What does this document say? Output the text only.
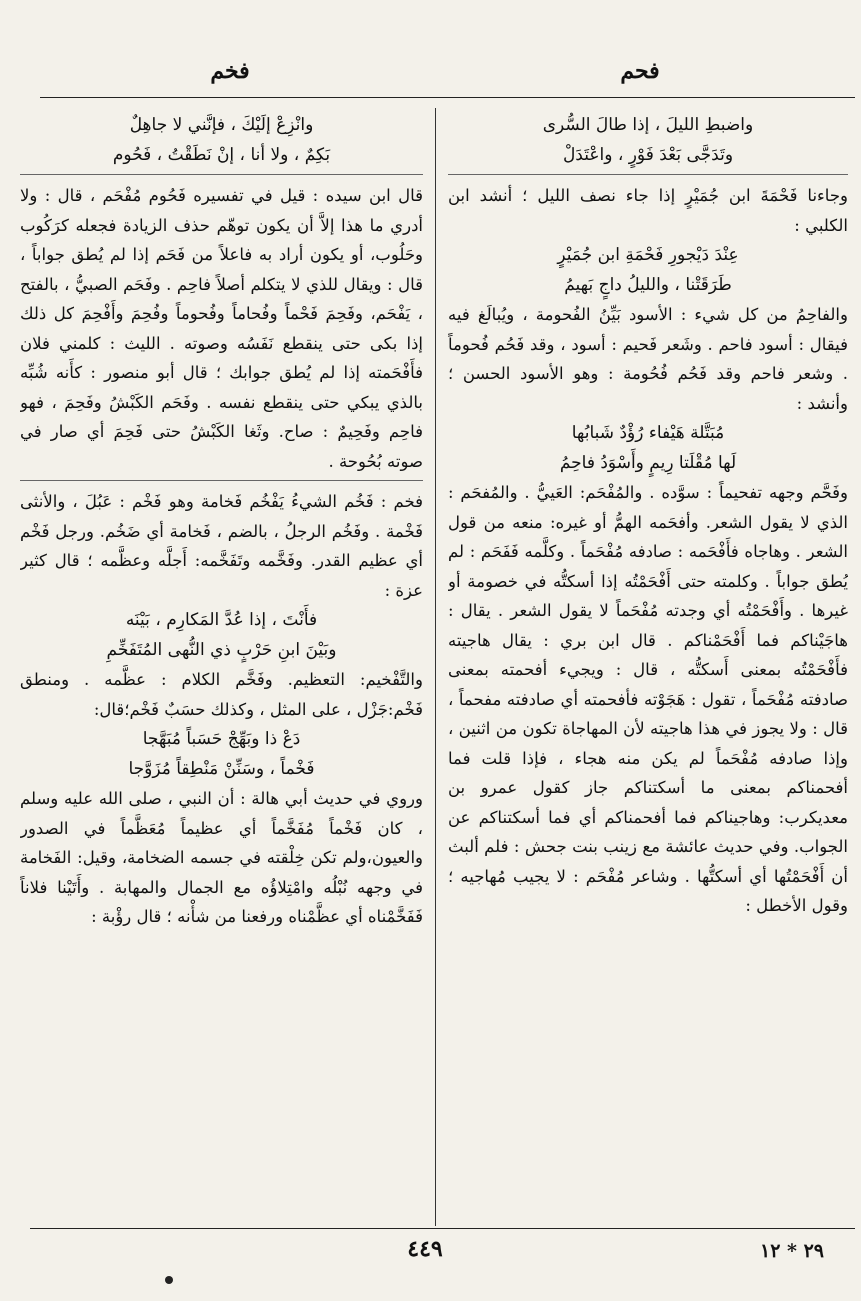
فحم
فخم
واضبطِ الليلَ ، إذا طالَ السُّرى
وتَدَجَّى بَعْدَ فَوْرٍ ، واعْتَدَلْ

وجاءنا فَحْمَةَ ابن جُمَيْرٍ إذا جاء نصف الليل ؛ أنشد ابن الكلبي :

عِنْدَ دَيْجورِ فَحْمَةِ ابن جُمَيْرٍ
طَرَقَتْنا ، والليلُ داجٍ بَهيمُ

والفاحِمُ من كل شيء : الأسود بَيِّنُ الفُحومة ، ويُبالَغ فيه فيقال : أسود فاحم . وشَعر فَحيم : أسود ، وقد فَحُم فُحوماً . وشعر فاحم وقد فَحُم فُحُومة : وهو الأسود الحسن ؛ وأنشد :

مُبَتَّلة هَيْفاء رُؤْدٌ شَبابُها
لَها مُقْلَتا رِيمٍ وأَسْوَدُ فاحِمُ

وفَحَّم وجهه تفحيماً : سوَّده . والمُفْحَم: العَييُّ . والمُفحَم : الذي لا يقول الشعر. وأفحَمه الهمُّ أو غيره: منعه من قول الشعر . وهاجاه فأَفْحَمه : صادفه مُفْحَماً . وكلَّمه فَفَحَم : لم يُطق جواباً . وكلمته حتى أَفْحَمْتُه إذا أسكتُّه في خصومة أو غيرها . وأَفْحَمْتُه أي وجدته مُفْحَماً لا يقول الشعر . يقال : هاجَيْناكم فما أَفْحَمْناكم . قال ابن بري : يقال هاجيته فأَفْحَمْتُه بمعنى أَسكتُّه ، قال : ويجيء أفحمته بمعنى صادفته مُفْحَماً ، تقول : هَجَوْته فأفحمته أي صادفته مفحماً ، قال : ولا يجوز في هذا هاجيته لأن المهاجاة تكون من اثنين ، وإذا صادفه مُفْحَماً لم يكن منه هجاء ، فإذا قلت فما أفحمناكم بمعنى ما أسكتناكم جاز كقول عمرو بن معديكرب: وهاجيناكم فما أفحمناكم أي فما أسكتناكم عن الجواب. وفي حديث عائشة مع زينب بنت جحش : فلم ألبث أن أَفْحَمْتُها أي أسكتُّها . وشاعر مُفْحَم : لا يجيب مُهاجيه ؛ وقول الأخطل :

وانْزِعْ إلَيْكَ ، فإنَّني لا جاهِلٌ
بَكِمٌ ، ولا أنا ، إنْ نَطَقْتُ ، فَحُوم

قال ابن سيده : قيل في تفسيره فَحُوم مُفْحَم ، قال : ولا أدري ما هذا إلاَّ أن يكون توهّم حذف الزيادة فجعله كرَكُوب وحَلُوب، أو يكون أراد به فاعلاً من فَحَم إذا لم يُطق جواباً ، قال : ويقال للذي لا يتكلم أصلاً فاحِم . وفَحَم الصبيُّ ، بالفتح ، يَفْحَم، وفَحِمَ فَحْماً وفُحاماً وفُحوماً وفُحِمَ وأَفْحِمَ كل ذلك إذا بكى حتى ينقطع نَفَسُه وصوته . الليث : كلمني فلان فأَفْحَمته إذا لم يُطق جوابك ؛ قال أبو منصور : كأَنه شُبِّه بالذي يبكي حتى ينقطع نفسه . وفَحَم الكَبْشُ وفَحِمَ ، فهو فاحِم وفَحِيمٌ : صاح. وثَغا الكَبْشُ حتى فَحِمَ أي صار في صوته بُحُوحة .

فخم : فَخُم الشيءُ يَفْخُم فَخامة وهو فَخْم : عَبُلَ ، والأنثى فَخْمة . وفَخُم الرجلُ ، بالضم ، فَخامة أي ضَخُم. ورجل فَخْم أي عظيم القدر. وفَخَّمه وتَفَخَّمه: أَجلَّه وعظَّمه ؛ قال كثير عزة :

فأَنْتَ ، إذا عُدَّ المَكارِم ، بَيْنَه
وبَيْنَ ابنِ حَرْبٍ ذي النُّهى المُتَفَخِّمِ

والتَّفْخيم: التعظيم. وفَخَّم الكلام : عظَّمه . ومنطق فَخْم:جَزْل ، على المثل ، وكذلك حسَبٌ فَخْم؛قال:

دَعْ ذا وبَهِّجْ حَسَباً مُبَهَّجا
فَخْماً ، وسَنِّنْ مَنْطِقاً مُزَوَّجا

وروي في حديث أبي هالة : أن النبي ، صلى الله عليه وسلم ، كان فَخْماً مُفَخَّماً أي عظيماً مُعَظَّماً في الصدور والعيون،ولم تكن خِلْقته في جسمه الضخامة، وقيل: الفَخامة في وجهه نُبْلُه وامْتِلاؤُه مع الجمال والمهابة . وأَتَيْنا فلاناً فَفَخَّمْناه أي عظَّمْناه ورفعنا من شأْنه ؛ قال رؤْبة :

٤٤٩	٢٩ * ١٢
